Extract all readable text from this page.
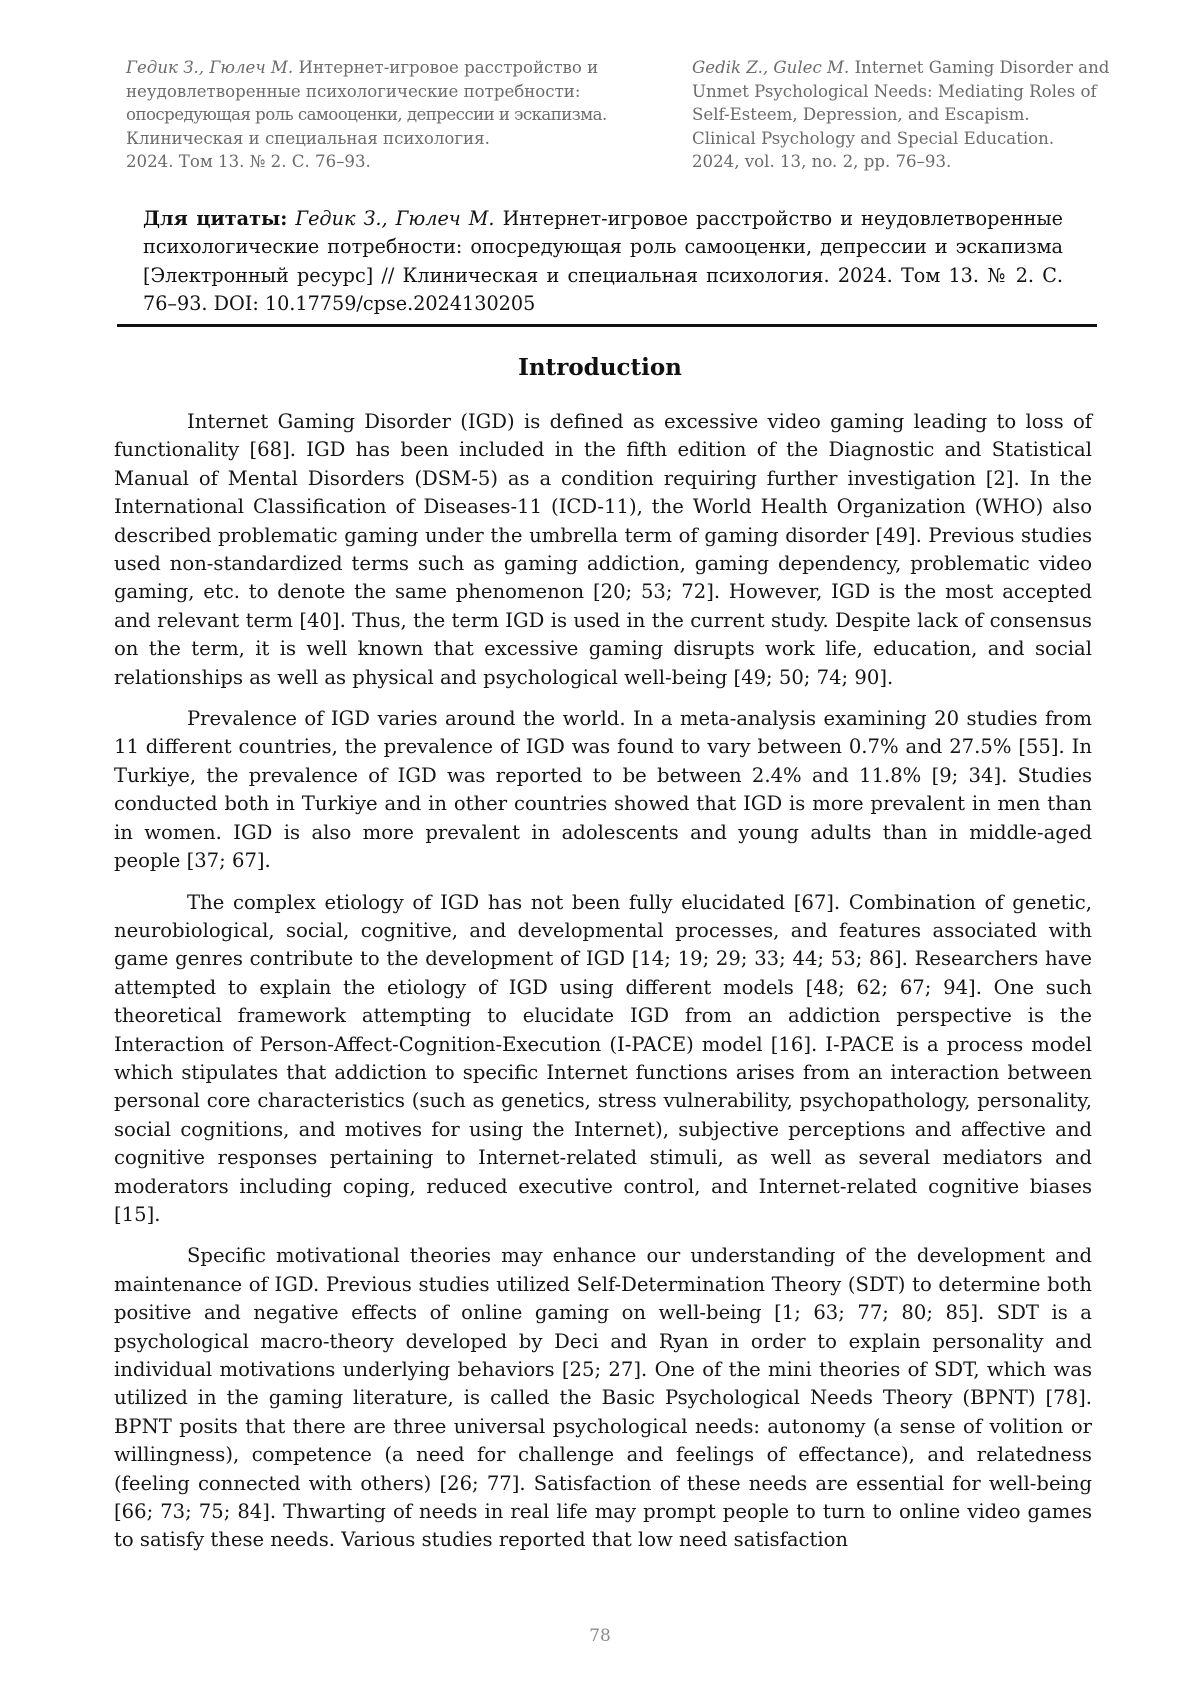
Гедик З., Гюлеч М. Интернет-игровое расстройство и
неудовлетворенные психологические потребности:
опосредующая роль самооценки, депрессии и эскапизма.
Клиническая и специальная психология.
2024. Том 13. № 2. С. 76–93.
Gedik Z., Gulec M. Internet Gaming Disorder and
Unmet Psychological Needs: Mediating Roles of
Self-Esteem, Depression, and Escapism.
Clinical Psychology and Special Education.
2024, vol. 13, no. 2, pp. 76–93.
Для цитаты: Гедик З., Гюлеч М. Интернет-игровое расстройство и неудовлетворенные психологические потребности: опосредующая роль самооценки, депрессии и эскапизма [Электронный ресурс] // Клиническая и специальная психология. 2024. Том 13. № 2. С. 76–93. DOI: 10.17759/cpse.2024130205
Introduction

Internet Gaming Disorder (IGD) is defined as excessive video gaming leading to loss of functionality [68]. IGD has been included in the fifth edition of the Diagnostic and Statistical Manual of Mental Disorders (DSM-5) as a condition requiring further investigation [2]. In the International Classification of Diseases-11 (ICD-11), the World Health Organization (WHO) also described problematic gaming under the umbrella term of gaming disorder [49]. Previous studies used non-standardized terms such as gaming addiction, gaming dependency, problematic video gaming, etc. to denote the same phenomenon [20; 53; 72]. However, IGD is the most accepted and relevant term [40]. Thus, the term IGD is used in the current study. Despite lack of consensus on the term, it is well known that excessive gaming disrupts work life, education, and social relationships as well as physical and psychological well-being [49; 50; 74; 90].

Prevalence of IGD varies around the world. In a meta-analysis examining 20 studies from 11 different countries, the prevalence of IGD was found to vary between 0.7% and 27.5% [55]. In Turkiye, the prevalence of IGD was reported to be between 2.4% and 11.8% [9; 34]. Studies conducted both in Turkiye and in other countries showed that IGD is more prevalent in men than in women. IGD is also more prevalent in adolescents and young adults than in middle-aged people [37; 67].

The complex etiology of IGD has not been fully elucidated [67]. Combination of genetic, neurobiological, social, cognitive, and developmental processes, and features associated with game genres contribute to the development of IGD [14; 19; 29; 33; 44; 53; 86]. Researchers have attempted to explain the etiology of IGD using different models [48; 62; 67; 94]. One such theoretical framework attempting to elucidate IGD from an addiction perspective is the Interaction of Person-Affect-Cognition-Execution (I-PACE) model [16]. I-PACE is a process model which stipulates that addiction to specific Internet functions arises from an interaction between personal core characteristics (such as genetics, stress vulnerability, psychopathology, personality, social cognitions, and motives for using the Internet), subjective perceptions and affective and cognitive responses pertaining to Internet-related stimuli, as well as several mediators and moderators including coping, reduced executive control, and Internet-related cognitive biases [15].

Specific motivational theories may enhance our understanding of the development and maintenance of IGD. Previous studies utilized Self-Determination Theory (SDT) to determine both positive and negative effects of online gaming on well-being [1; 63; 77; 80; 85]. SDT is a psychological macro-theory developed by Deci and Ryan in order to explain personality and individual motivations underlying behaviors [25; 27]. One of the mini theories of SDT, which was utilized in the gaming literature, is called the Basic Psychological Needs Theory (BPNT) [78]. BPNT posits that there are three universal psychological needs: autonomy (a sense of volition or willingness), competence (a need for challenge and feelings of effectance), and relatedness (feeling connected with others) [26; 77]. Satisfaction of these needs are essential for well-being [66; 73; 75; 84]. Thwarting of needs in real life may prompt people to turn to online video games to satisfy these needs. Various studies reported that low need satisfaction

78
